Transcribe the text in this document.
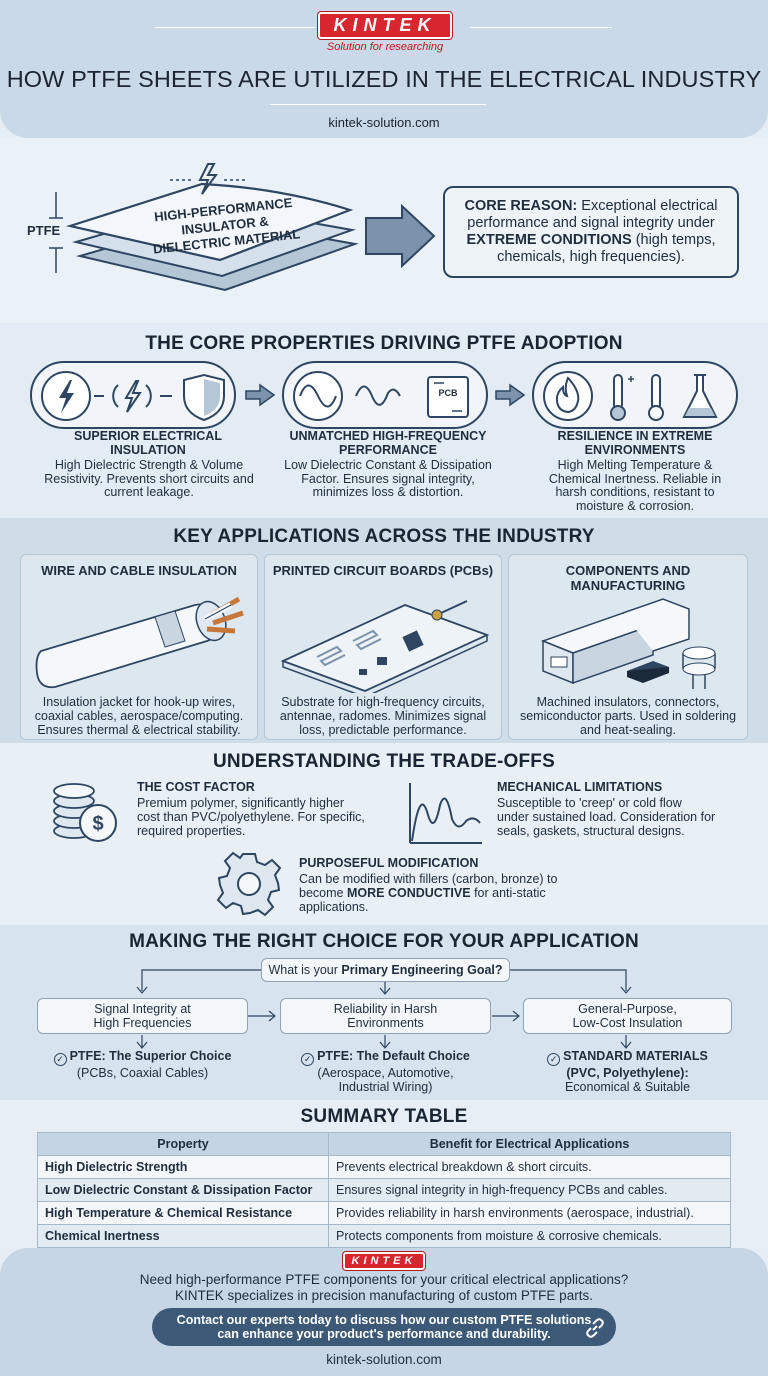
KINTEK
Solution for researching
HOW PTFE SHEETS ARE UTILIZED IN THE ELECTRICAL INDUSTRY
kintek-solution.com
PTFE
HIGH-PERFORMANCE INSULATOR & DIELECTRIC MATERIAL
CORE REASON: Exceptional electrical performance and signal integrity under EXTREME CONDITIONS (high temps, chemicals, high frequencies).
THE CORE PROPERTIES DRIVING PTFE ADOPTION
PCB
SUPERIOR ELECTRICAL INSULATION
High Dielectric Strength & Volume Resistivity. Prevents short circuits and current leakage.
UNMATCHED HIGH-FREQUENCY PERFORMANCE
Low Dielectric Constant & Dissipation Factor. Ensures signal integrity, minimizes loss & distortion.
RESILIENCE IN EXTREME ENVIRONMENTS
High Melting Temperature & Chemical Inertness. Reliable in harsh conditions, resistant to moisture & corrosion.
KEY APPLICATIONS ACROSS THE INDUSTRY
WIRE AND CABLE INSULATION
Insulation jacket for hook-up wires, coaxial cables, aerospace/computing. Ensures thermal & electrical stability.
PRINTED CIRCUIT BOARDS (PCBs)
Substrate for high-frequency circuits, antennae, radomes. Minimizes signal loss, predictable performance.
COMPONENTS AND MANUFACTURING
Machined insulators, connectors, semiconductor parts. Used in soldering and heat-sealing.
UNDERSTANDING THE TRADE-OFFS
$
THE COST FACTOR
Premium polymer, significantly higher cost than PVC/polyethylene. For specific, required properties.
MECHANICAL LIMITATIONS
Susceptible to 'creep' or cold flow under sustained load. Consideration for seals, gaskets, structural designs.
PURPOSEFUL MODIFICATION
Can be modified with fillers (carbon, bronze) to become MORE CONDUCTIVE for anti-static applications.
MAKING THE RIGHT CHOICE FOR YOUR APPLICATION
What is your Primary Engineering Goal?
Signal Integrity at
High Frequencies
Reliability in Harsh
Environments
General-Purpose,
Low-Cost Insulation
✓ PTFE: The Superior Choice
(PCBs, Coaxial Cables)
✓ PTFE: The Default Choice
(Aerospace, Automotive,
Industrial Wiring)
✓ STANDARD MATERIALS
(PVC, Polyethylene):
Economical & Suitable
SUMMARY TABLE
Property	Benefit for Electrical Applications
High Dielectric Strength	Prevents electrical breakdown & short circuits.
Low Dielectric Constant & Dissipation Factor	Ensures signal integrity in high-frequency PCBs and cables.
High Temperature & Chemical Resistance	Provides reliability in harsh environments (aerospace, industrial).
Chemical Inertness	Protects components from moisture & corrosive chemicals.
KINTEK
Need high-performance PTFE components for your critical electrical applications?
KINTEK specializes in precision manufacturing of custom PTFE parts.
Contact our experts today to discuss how our custom PTFE solutions
can enhance your product's performance and durability.
kintek-solution.com
